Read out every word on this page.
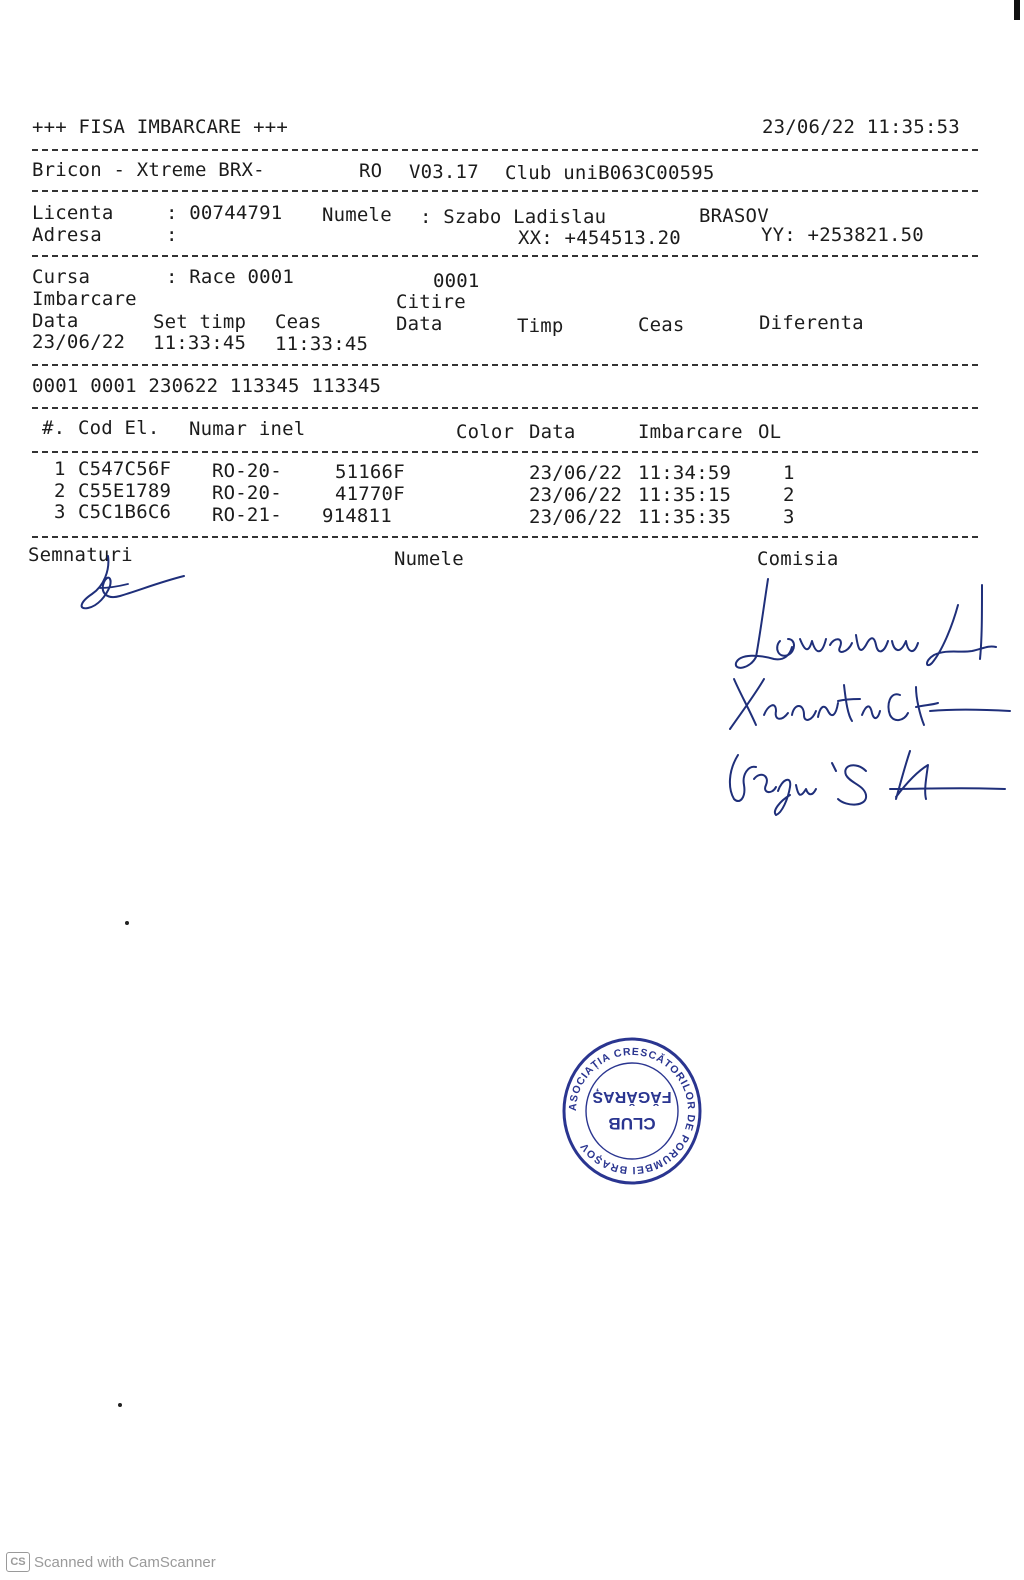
+++ FISA IMBARCARE +++	23/06/22 11:35:53
Bricon - Xtreme BRX-	RO V03.17 Club uniB063C00595
Licenta	: 00744791 Numele : Szabo Ladislau	BRASOV
Adresa	:	XX: +454513.20	YY: +253821.50
Cursa	: Race 0001	0001
Imbarcare	Citire
Data	Set timp Ceas	Data	Timp	Ceas	Diferenta
23/06/22 11:33:45 11:33:45
0001 0001 230622 113345 113345
#. Cod El. Numar inel	Color Data	Imbarcare OL
1 C547C56F RO-20-	51166F	23/06/22 11:34:59	1
2 C55E1789 RO-20-	41770F	23/06/22 11:35:15	2
3 C5C1B6C6 RO-21- 914811	23/06/22 11:35:35	3
Semnaturi	Numele	Comisia
ASOCIAȚIA CRESCĂTORILOR DE PORUMBEI BRAȘOV
CLUB
FĂGĂRAȘ
CS Scanned with CamScanner
